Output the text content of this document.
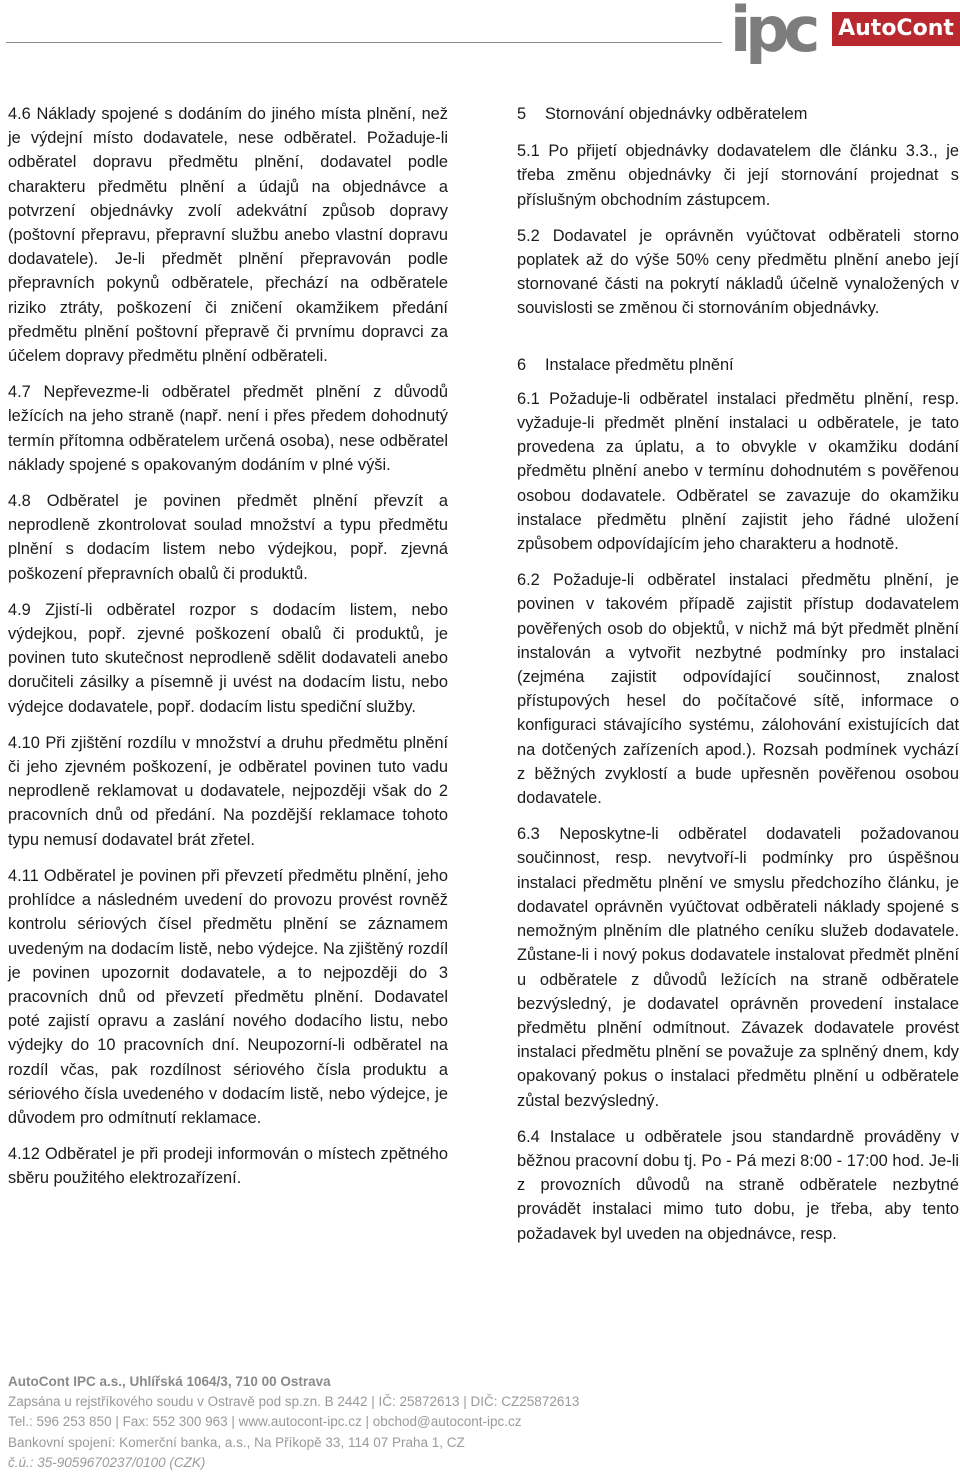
ipc AutoCont

4.6 Náklady spojené s dodáním do jiného místa plnění, než je výdejní místo dodavatele, nese odběratel. Požaduje-li odběratel dopravu předmětu plnění, dodavatel podle charakteru předmětu plnění a údajů na objednávce a potvrzení objednávky zvolí adekvátní způsob dopravy (poštovní přepravu, přepravní službu anebo vlastní dopravu dodavatele). Je-li předmět plnění přepravován podle přepravních pokynů odběratele, přechází na odběratele riziko ztráty, poškození či zničení okamžikem předání předmětu plnění poštovní přepravě či prvnímu dopravci za účelem dopravy předmětu plnění odběrateli.

4.7 Nepřevezme-li odběratel předmět plnění z důvodů ležících na jeho straně (např. není i přes předem dohodnutý termín přítomna odběratelem určená osoba), nese odběratel náklady spojené s opakovaným dodáním v plné výši.

4.8 Odběratel je povinen předmět plnění převzít a neprodleně zkontrolovat soulad množství a typu předmětu plnění s dodacím listem nebo výdejkou, popř. zjevná poškození přepravních obalů či produktů.

4.9 Zjistí-li odběratel rozpor s dodacím listem, nebo výdejkou, popř. zjevné poškození obalů či produktů, je povinen tuto skutečnost neprodleně sdělit dodavateli anebo doručiteli zásilky a písemně ji uvést na dodacím listu, nebo výdejce dodavatele, popř. dodacím listu spediční služby.

4.10 Při zjištění rozdílu v množství a druhu předmětu plnění či jeho zjevném poškození, je odběratel povinen tuto vadu neprodleně reklamovat u dodavatele, nejpozději však do 2 pracovních dnů od předání. Na pozdější reklamace tohoto typu nemusí dodavatel brát zřetel.

4.11 Odběratel je povinen při převzetí předmětu plnění, jeho prohlídce a následném uvedení do provozu provést rovněž kontrolu sériových čísel předmětu plnění se záznamem uvedeným na dodacím listě, nebo výdejce. Na zjištěný rozdíl je povinen upozornit dodavatele, a to nejpozději do 3 pracovních dnů od převzetí předmětu plnění. Dodavatel poté zajistí opravu a zaslání nového dodacího listu, nebo výdejky do 10 pracovních dní. Neupozorní-li odběratel na rozdíl včas, pak rozdílnost sériového čísla produktu a sériového čísla uvedeného v dodacím listě, nebo výdejce, je důvodem pro odmítnutí reklamace.

4.12 Odběratel je při prodeji informován o místech zpětného sběru použitého elektrozařízení.

5 Stornování objednávky odběratelem

5.1 Po přijetí objednávky dodavatelem dle článku 3.3., je třeba změnu objednávky či její stornování projednat s příslušným obchodním zástupcem.

5.2 Dodavatel je oprávněn vyúčtovat odběrateli storno poplatek až do výše 50% ceny předmětu plnění anebo její stornované části na pokrytí nákladů účelně vynaložených v souvislosti se změnou či stornováním objednávky.

6 Instalace předmětu plnění

6.1 Požaduje-li odběratel instalaci předmětu plnění, resp. vyžaduje-li předmět plnění instalaci u odběratele, je tato provedena za úplatu, a to obvykle v okamžiku dodání předmětu plnění anebo v termínu dohodnutém s pověřenou osobou dodavatele. Odběratel se zavazuje do okamžiku instalace předmětu plnění zajistit jeho řádné uložení způsobem odpovídajícím jeho charakteru a hodnotě.

6.2 Požaduje-li odběratel instalaci předmětu plnění, je povinen v takovém případě zajistit přístup dodavatelem pověřených osob do objektů, v nichž má být předmět plnění instalován a vytvořit nezbytné podmínky pro instalaci (zejména zajistit odpovídající součinnost, znalost přístupových hesel do počítačové sítě, informace o konfiguraci stávajícího systému, zálohování existujících dat na dotčených zařízeních apod.). Rozsah podmínek vychází z běžných zvyklostí a bude upřesněn pověřenou osobou dodavatele.

6.3 Neposkytne-li odběratel dodavateli požadovanou součinnost, resp. nevytvoří-li podmínky pro úspěšnou instalaci předmětu plnění ve smyslu předchozího článku, je dodavatel oprávněn vyúčtovat odběrateli náklady spojené s nemožným plněním dle platného ceníku služeb dodavatele. Zůstane-li i nový pokus dodavatele instalovat předmět plnění u odběratele z důvodů ležících na straně odběratele bezvýsledný, je dodavatel oprávněn provedení instalace předmětu plnění odmítnout. Závazek dodavatele provést instalaci předmětu plnění se považuje za splněný dnem, kdy opakovaný pokus o instalaci předmětu plnění u odběratele zůstal bezvýsledný.

6.4 Instalace u odběratele jsou standardně prováděny v běžnou pracovní dobu tj. Po - Pá mezi 8:00 - 17:00 hod. Je-li z provozních důvodů na straně odběratele nezbytné provádět instalaci mimo tuto dobu, je třeba, aby tento požadavek byl uveden na objednávce, resp.

AutoCont IPC a.s., Uhlířská 1064/3, 710 00 Ostrava
Zapsána u rejstříkového soudu v Ostravě pod sp.zn. B 2442 | IČ: 25872613 | DIČ: CZ25872613
Tel.: 596 253 850 | Fax: 552 300 963 | www.autocont-ipc.cz | obchod@autocont-ipc.cz
Bankovní spojení: Komerční banka, a.s., Na Příkopě 33, 114 07 Praha 1, CZ
č.ú.: 35-9059670237/0100 (CZK)
